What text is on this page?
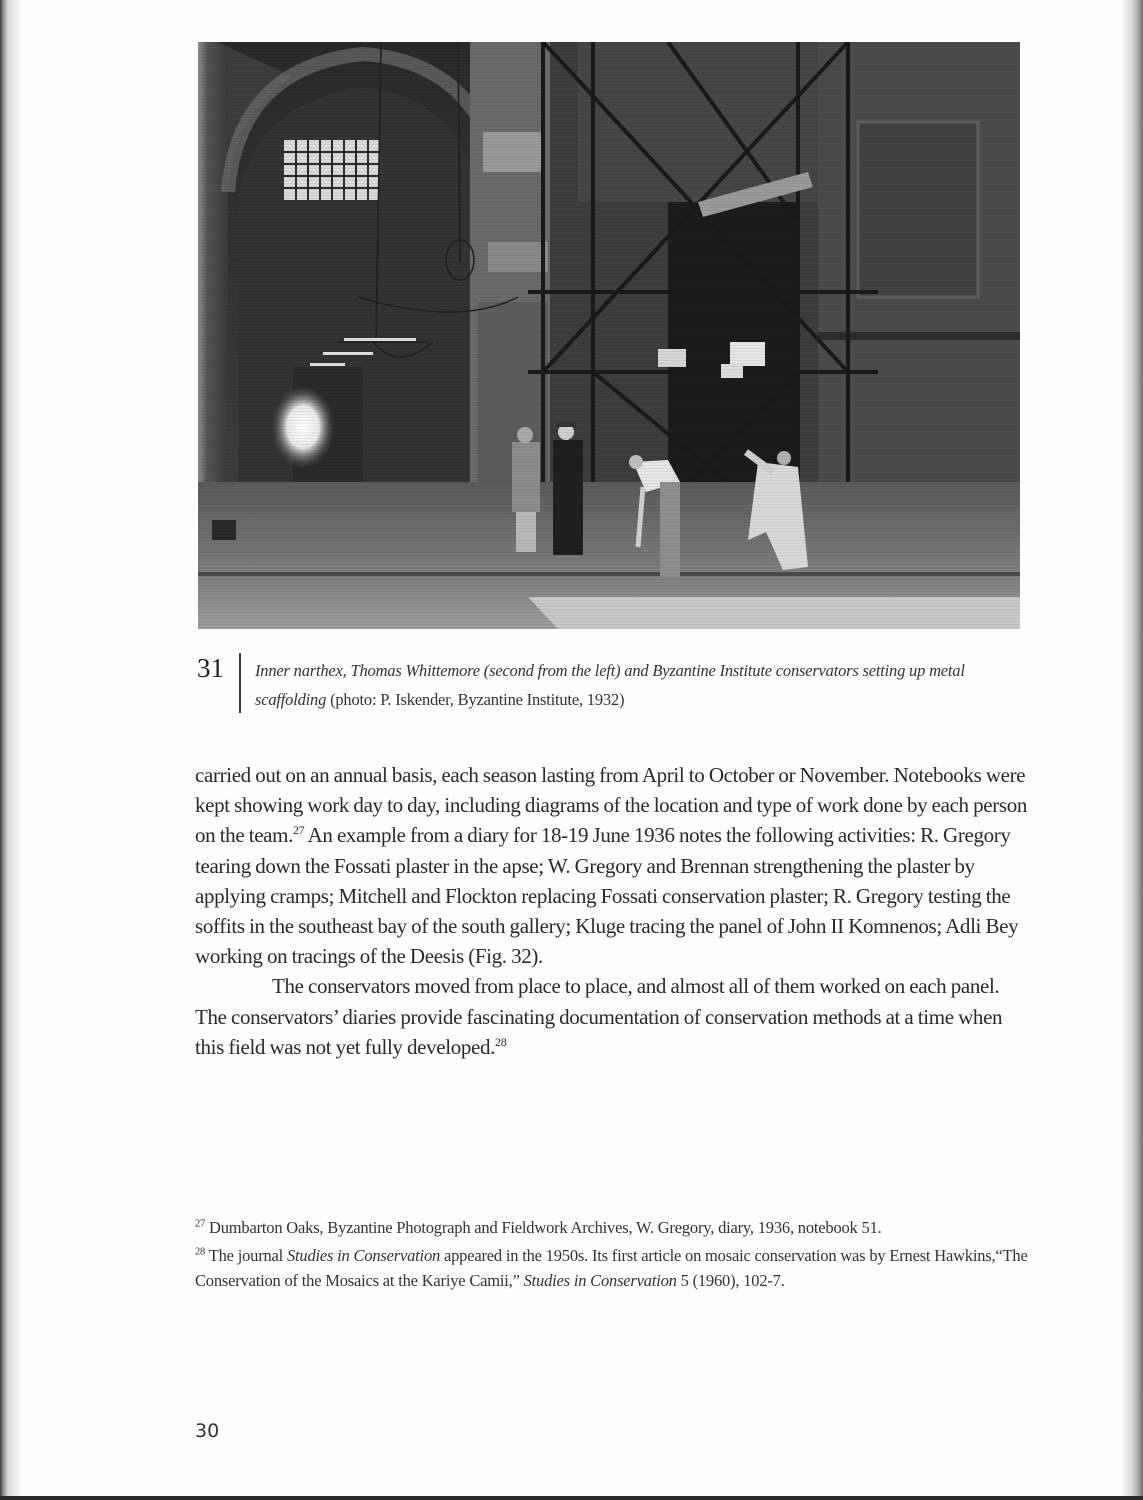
31 Inner narthex, Thomas Whittemore (second from the left) and Byzantine Institute conservators setting up metal scaffolding (photo: P. Iskender, Byzantine Institute, 1932)

carried out on an annual basis, each season lasting from April to October or November. Notebooks were kept showing work day to day, including diagrams of the location and type of work done by each person on the team.$^{27}$ An example from a diary for 18-19 June 1936 notes the following activities: R. Gregory tearing down the Fossati plaster in the apse; W. Gregory and Brennan strengthening the plaster by applying cramps; Mitchell and Flockton replacing Fossati conservation plaster; R. Gregory testing the soffits in the southeast bay of the south gallery; Kluge tracing the panel of John II Komnenos; Adli Bey working on tracings of the Deesis (Fig. 32).

The conservators moved from place to place, and almost all of them worked on each panel. The conservators’ diaries provide fascinating documentation of conservation methods at a time when this field was not yet fully developed.$^{28}$

$^{27}$ Dumbarton Oaks, Byzantine Photograph and Fieldwork Archives, W. Gregory, diary, 1936, notebook 51.

$^{28}$ The journal Studies in Conservation appeared in the 1950s. Its first article on mosaic conservation was by Ernest Hawkins,“The Conservation of the Mosaics at the Kariye Camii,” Studies in Conservation 5 (1960), 102-7.

30
